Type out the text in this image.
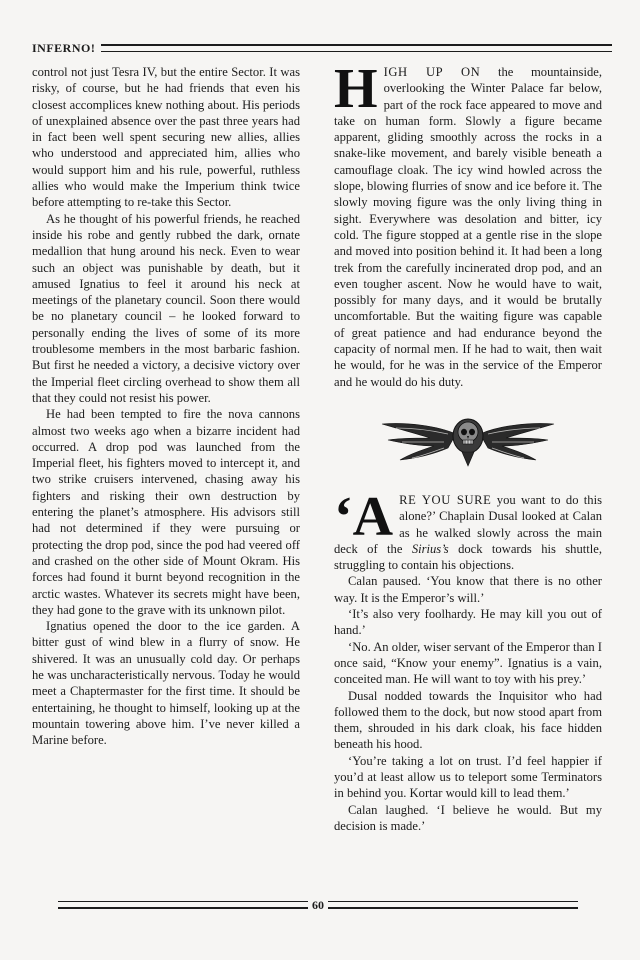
INFERNO!

control not just Tesra IV, but the entire Sector. It was risky, of course, but he had friends that even his closest accomplices knew nothing about. His periods of unexplained absence over the past three years had in fact been well spent securing new allies, allies who understood and appreciated him, allies who would support him and his rule, powerful, ruthless allies who would make the Imperium think twice before attempting to re-take this Sector.

As he thought of his powerful friends, he reached inside his robe and gently rubbed the dark, ornate medallion that hung around his neck. Even to wear such an object was punishable by death, but it amused Ignatius to feel it around his neck at meetings of the planetary council. Soon there would be no planetary council – he looked forward to personally ending the lives of some of its more troublesome members in the most barbaric fashion. But first he needed a victory, a decisive victory over the Imperial fleet circling overhead to show them all that they could not resist his power.

He had been tempted to fire the nova cannons almost two weeks ago when a bizarre incident had occurred. A drop pod was launched from the Imperial fleet, his fighters moved to intercept it, and two strike cruisers intervened, chasing away his fighters and risking their own destruction by entering the planet’s atmosphere. His advisors still had not determined if they were pursuing or protecting the drop pod, since the pod had veered off and crashed on the other side of Mount Okram. His forces had found it burnt beyond recognition in the arctic wastes. Whatever its secrets might have been, they had gone to the grave with its unknown pilot.

Ignatius opened the door to the ice garden. A bitter gust of wind blew in a flurry of snow. He shivered. It was an unusually cold day. Or perhaps he was uncharacteristically nervous. Today he would meet a Chaptermaster for the first time. It should be entertaining, he thought to himself, looking up at the mountain towering above him. I’ve never killed a Marine before.

HIGH UP ON the mountainside, overlooking the Winter Palace far below, part of the rock face appeared to move and take on human form. Slowly a figure became apparent, gliding smoothly across the rocks in a snake-like movement, and barely visible beneath a camouflage cloak. The icy wind howled across the slope, blowing flurries of snow and ice before it. The slowly moving figure was the only living thing in sight. Everywhere was desolation and bitter, icy cold. The figure stopped at a gentle rise in the slope and moved into position behind it. It had been a long trek from the carefully incinerated drop pod, and an even tougher ascent. Now he would have to wait, possibly for many days, and it would be brutally uncomfortable. But the waiting figure was capable of great patience and had endurance beyond the capacity of normal men. If he had to wait, then wait he would, for he was in the service of the Emperor and he would do his duty.

‘A RE YOU SURE you want to do this alone?’ Chaplain Dusal looked at Calan as he walked slowly across the main deck of the Sirius’s dock towards his shuttle, struggling to contain his objections.

Calan paused. ‘You know that there is no other way. It is the Emperor’s will.’

‘It’s also very foolhardy. He may kill you out of hand.’

‘No. An older, wiser servant of the Emperor than I once said, “Know your enemy”. Ignatius is a vain, conceited man. He will want to toy with his prey.’

Dusal nodded towards the Inquisitor who had followed them to the dock, but now stood apart from them, shrouded in his dark cloak, his face hidden beneath his hood.

‘You’re taking a lot on trust. I’d feel happier if you’d at least allow us to teleport some Terminators in behind you. Kortar would kill to lead them.’

Calan laughed. ‘I believe he would. But my decision is made.’

60
